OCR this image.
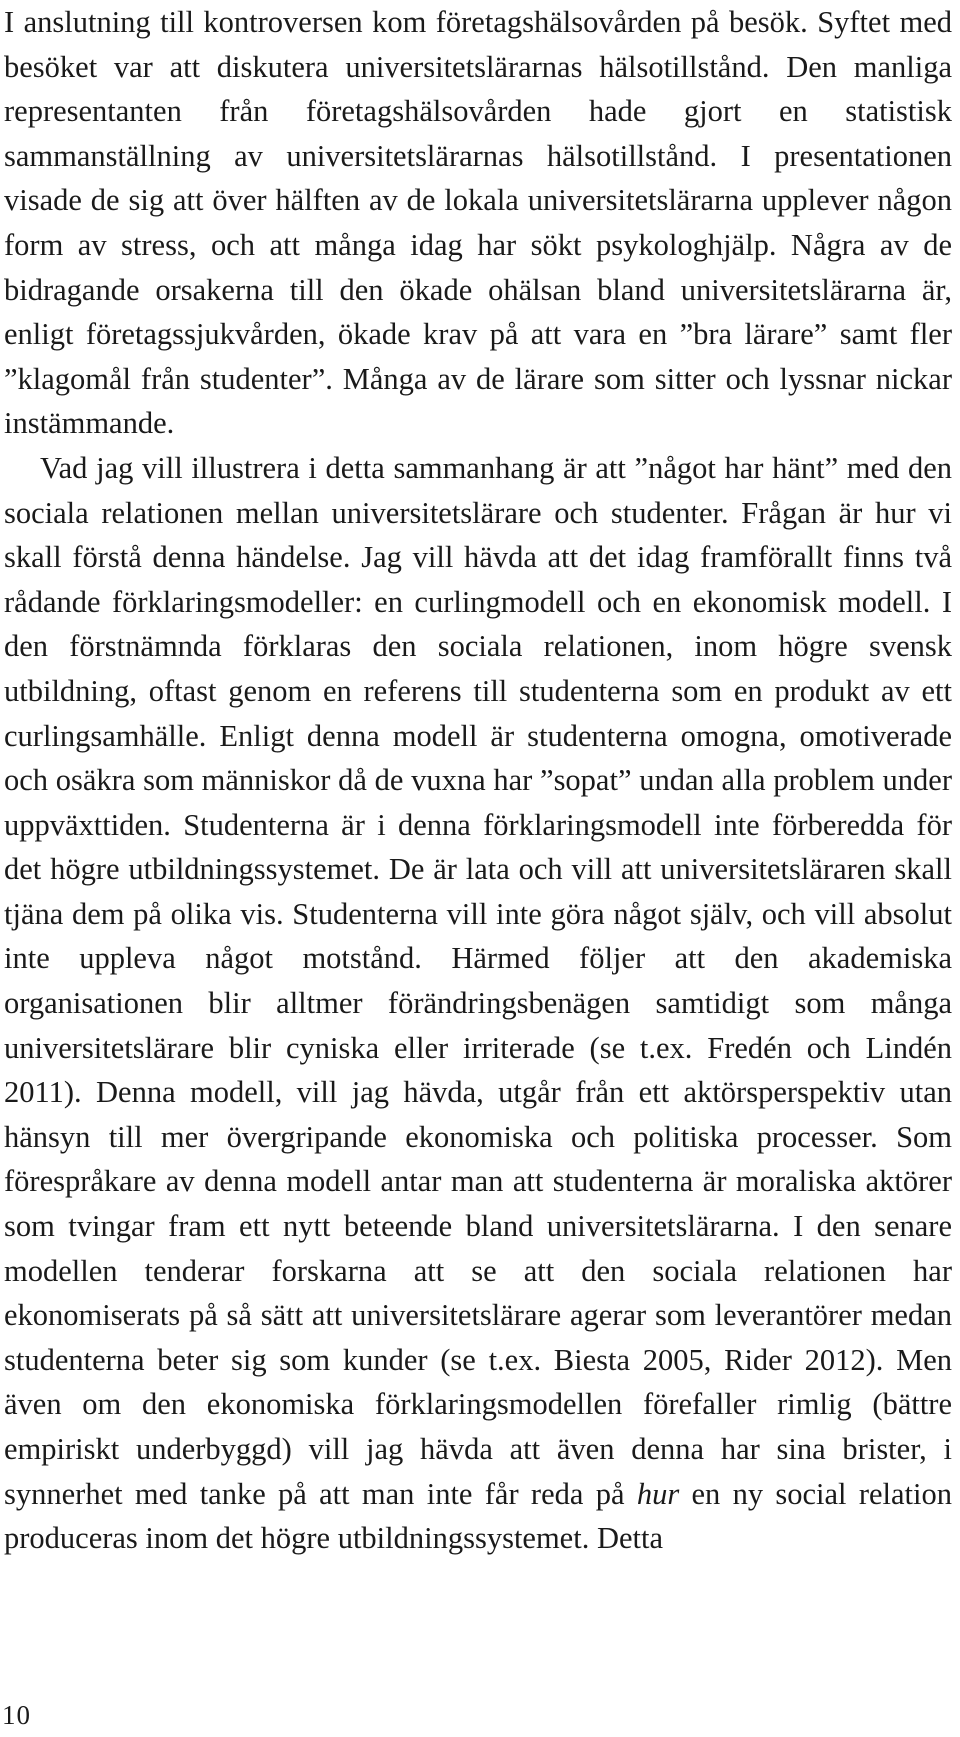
I anslutning till kontroversen kom företagshälsovården på besök. Syftet med besöket var att diskutera universitetslärarnas hälsotillstånd. Den manliga representanten från företagshälsovården hade gjort en statistisk sammanställning av universitetslärarnas hälsotillstånd. I presentationen visade de sig att över hälften av de lokala universitetslärarna upplever någon form av stress, och att många idag har sökt psykologhjälp. Några av de bidragande orsakerna till den ökade ohälsan bland universitetslärarna är, enligt företagssjukvården, ökade krav på att vara en ”bra lärare” samt fler ”klagomål från studenter”. Många av de lärare som sitter och lyssnar nickar instämmande.

Vad jag vill illustrera i detta sammanhang är att ”något har hänt” med den sociala relationen mellan universitetslärare och studenter. Frågan är hur vi skall förstå denna händelse. Jag vill hävda att det idag framförallt finns två rådande förklaringsmodeller: en curlingmodell och en ekonomisk modell. I den förstnämnda förklaras den sociala relationen, inom högre svensk utbildning, oftast genom en referens till studenterna som en produkt av ett curlingsamhälle. Enligt denna modell är studenterna omogna, omotiverade och osäkra som människor då de vuxna har ”sopat” undan alla problem under uppväxttiden. Studenterna är i denna förklaringsmodell inte förberedda för det högre utbildningssystemet. De är lata och vill att universitetsläraren skall tjäna dem på olika vis. Studenterna vill inte göra något själv, och vill absolut inte uppleva något motstånd. Härmed följer att den akademiska organisationen blir alltmer förändringsbenägen samtidigt som många universitetslärare blir cyniska eller irriterade (se t.ex. Fredén och Lindén 2011). Denna modell, vill jag hävda, utgår från ett aktörsperspektiv utan hänsyn till mer övergripande ekonomiska och politiska processer. Som förespråkare av denna modell antar man att studenterna är moraliska aktörer som tvingar fram ett nytt beteende bland universitetslärarna. I den senare modellen tenderar forskarna att se att den sociala relationen har ekonomiserats på så sätt att universitetslärare agerar som leverantörer medan studenterna beter sig som kunder (se t.ex. Biesta 2005, Rider 2012). Men även om den ekonomiska förklaringsmodellen förefaller rimlig (bättre empiriskt underbyggd) vill jag hävda att även denna har sina brister, i synnerhet med tanke på att man inte får reda på hur en ny social relation produceras inom det högre utbildningssystemet. Detta

10
